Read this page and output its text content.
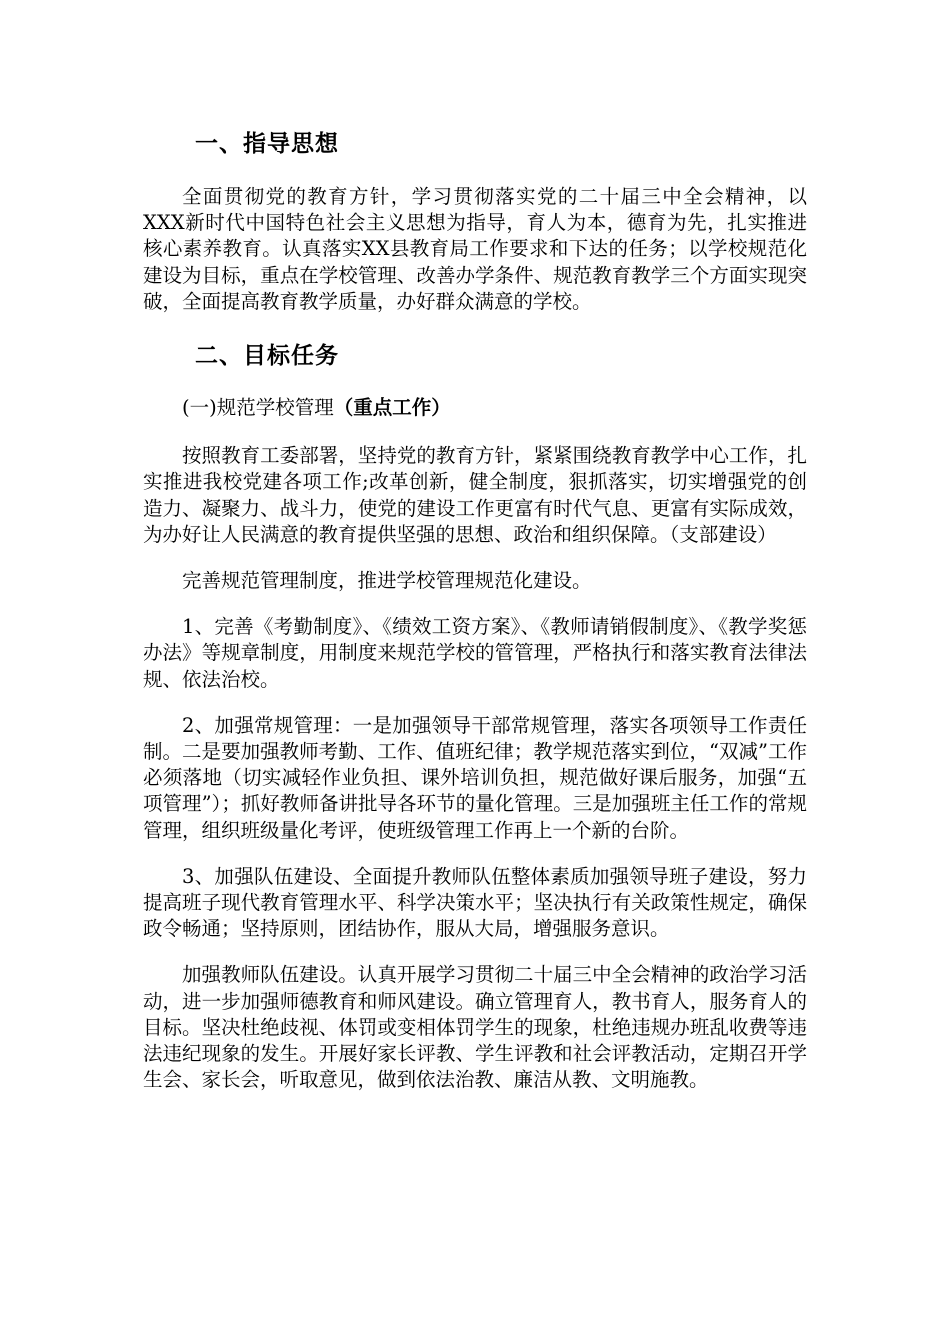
一、指导思想

全面贯彻党的教育方针，学习贯彻落实党的二十届三中全会精神，以XXX新时代中国特色社会主义思想为指导，育人为本，德育为先，扎实推进核心素养教育。认真落实XX县教育局工作要求和下达的任务；以学校规范化建设为目标，重点在学校管理、改善办学条件、规范教育教学三个方面实现突破，全面提高教育教学质量，办好群众满意的学校。

二、目标任务

(一)规范学校管理（重点工作）

按照教育工委部署，坚持党的教育方针，紧紧围绕教育教学中心工作，扎实推进我校党建各项工作;改革创新，健全制度，狠抓落实，切实增强党的创造力、凝聚力、战斗力，使党的建设工作更富有时代气息、更富有实际成效，为办好让人民满意的教育提供坚强的思想、政治和组织保障。（支部建设）

完善规范管理制度，推进学校管理规范化建设。

1、完善《考勤制度》、《绩效工资方案》、《教师请销假制度》、《教学奖惩办法》等规章制度，用制度来规范学校的管管理，严格执行和落实教育法律法规、依法治校。

2、加强常规管理：一是加强领导干部常规管理，落实各项领导工作责任制。二是要加强教师考勤、工作、值班纪律；教学规范落实到位，“双减”工作必须落地（切实减轻作业负担、课外培训负担，规范做好课后服务，加强“五项管理”）；抓好教师备讲批导各环节的量化管理。三是加强班主任工作的常规管理，组织班级量化考评，使班级管理工作再上一个新的台阶。

3、加强队伍建设、全面提升教师队伍整体素质加强领导班子建设，努力提高班子现代教育管理水平、科学决策水平；坚决执行有关政策性规定，确保政令畅通；坚持原则，团结协作，服从大局，增强服务意识。

加强教师队伍建设。认真开展学习贯彻二十届三中全会精神的政治学习活动，进一步加强师德教育和师风建设。确立管理育人，教书育人，服务育人的目标。坚决杜绝歧视、体罚或变相体罚学生的现象，杜绝违规办班乱收费等违法违纪现象的发生。开展好家长评教、学生评教和社会评教活动，定期召开学生会、家长会，听取意见，做到依法治教、廉洁从教、文明施教。
